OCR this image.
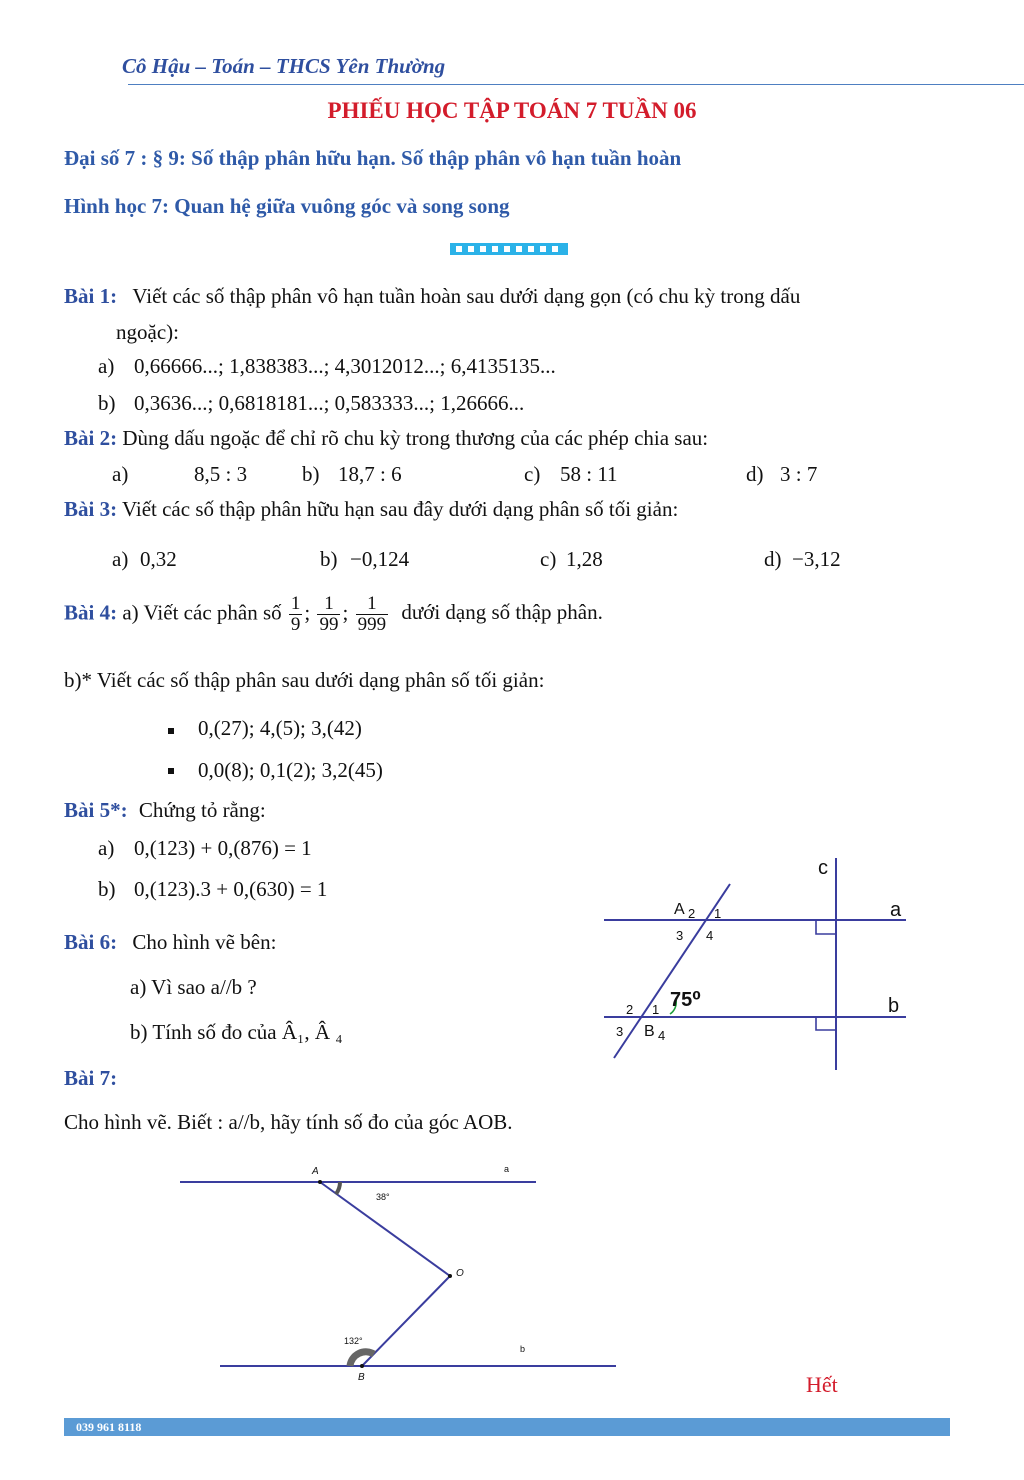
Cô Hậu – Toán – THCS Yên Thường
PHIẾU HỌC TẬP TOÁN 7 TUẦN 06
Đại số 7 : § 9: Số thập phân hữu hạn. Số thập phân vô hạn tuần hoàn
Hình học 7: Quan hệ giữa vuông góc và song song
Bài 1: Viết các số thập phân vô hạn tuần hoàn sau dưới dạng gọn (có chu kỳ trong dấu
ngoặc):
a) 0,66666...; 1,838383...; 4,3012012...; 6,4135135...
b) 0,3636...; 0,6818181...; 0,583333...; 1,26666...
Bài 2: Dùng dấu ngoặc để chỉ rõ chu kỳ trong thương của các phép chia sau:
a)	8,5 : 3	b) 18,7 : 6	c) 58 : 11	d) 3 : 7
Bài 3: Viết các số thập phân hữu hạn sau đây dưới dạng phân số tối giản:
a) 0,32	b) −0,124	c) 1,28	d) −3,12
Bài 4: a) Viết các phân số $\frac{1}{9}$ ; $\frac{1}{99}$ ; $\frac{1}{999}$ dưới dạng số thập phân.
b)* Viết các số thập phân sau dưới dạng phân số tối giản:
0,(27); 4,(5); 3,(42)
0,0(8); 0,1(2); 3,2(45)
Bài 5*: Chứng tỏ rằng:
a) 0,(123) + 0,(876) = 1
b) 0,(123).3 + 0,(630) = 1
Bài 6: Cho hình vẽ bên:
a) Vì sao a//b ?
b) Tính số đo của Â₁, Â ₄
c
a
b
A 2 1
3 4
2 1
3 B 4
75⁰
Bài 7:
Cho hình vẽ. Biết : a//b, hãy tính số đo của góc AOB.
A	a
O
B
b
38°
132°
Hết
039 961 8118
